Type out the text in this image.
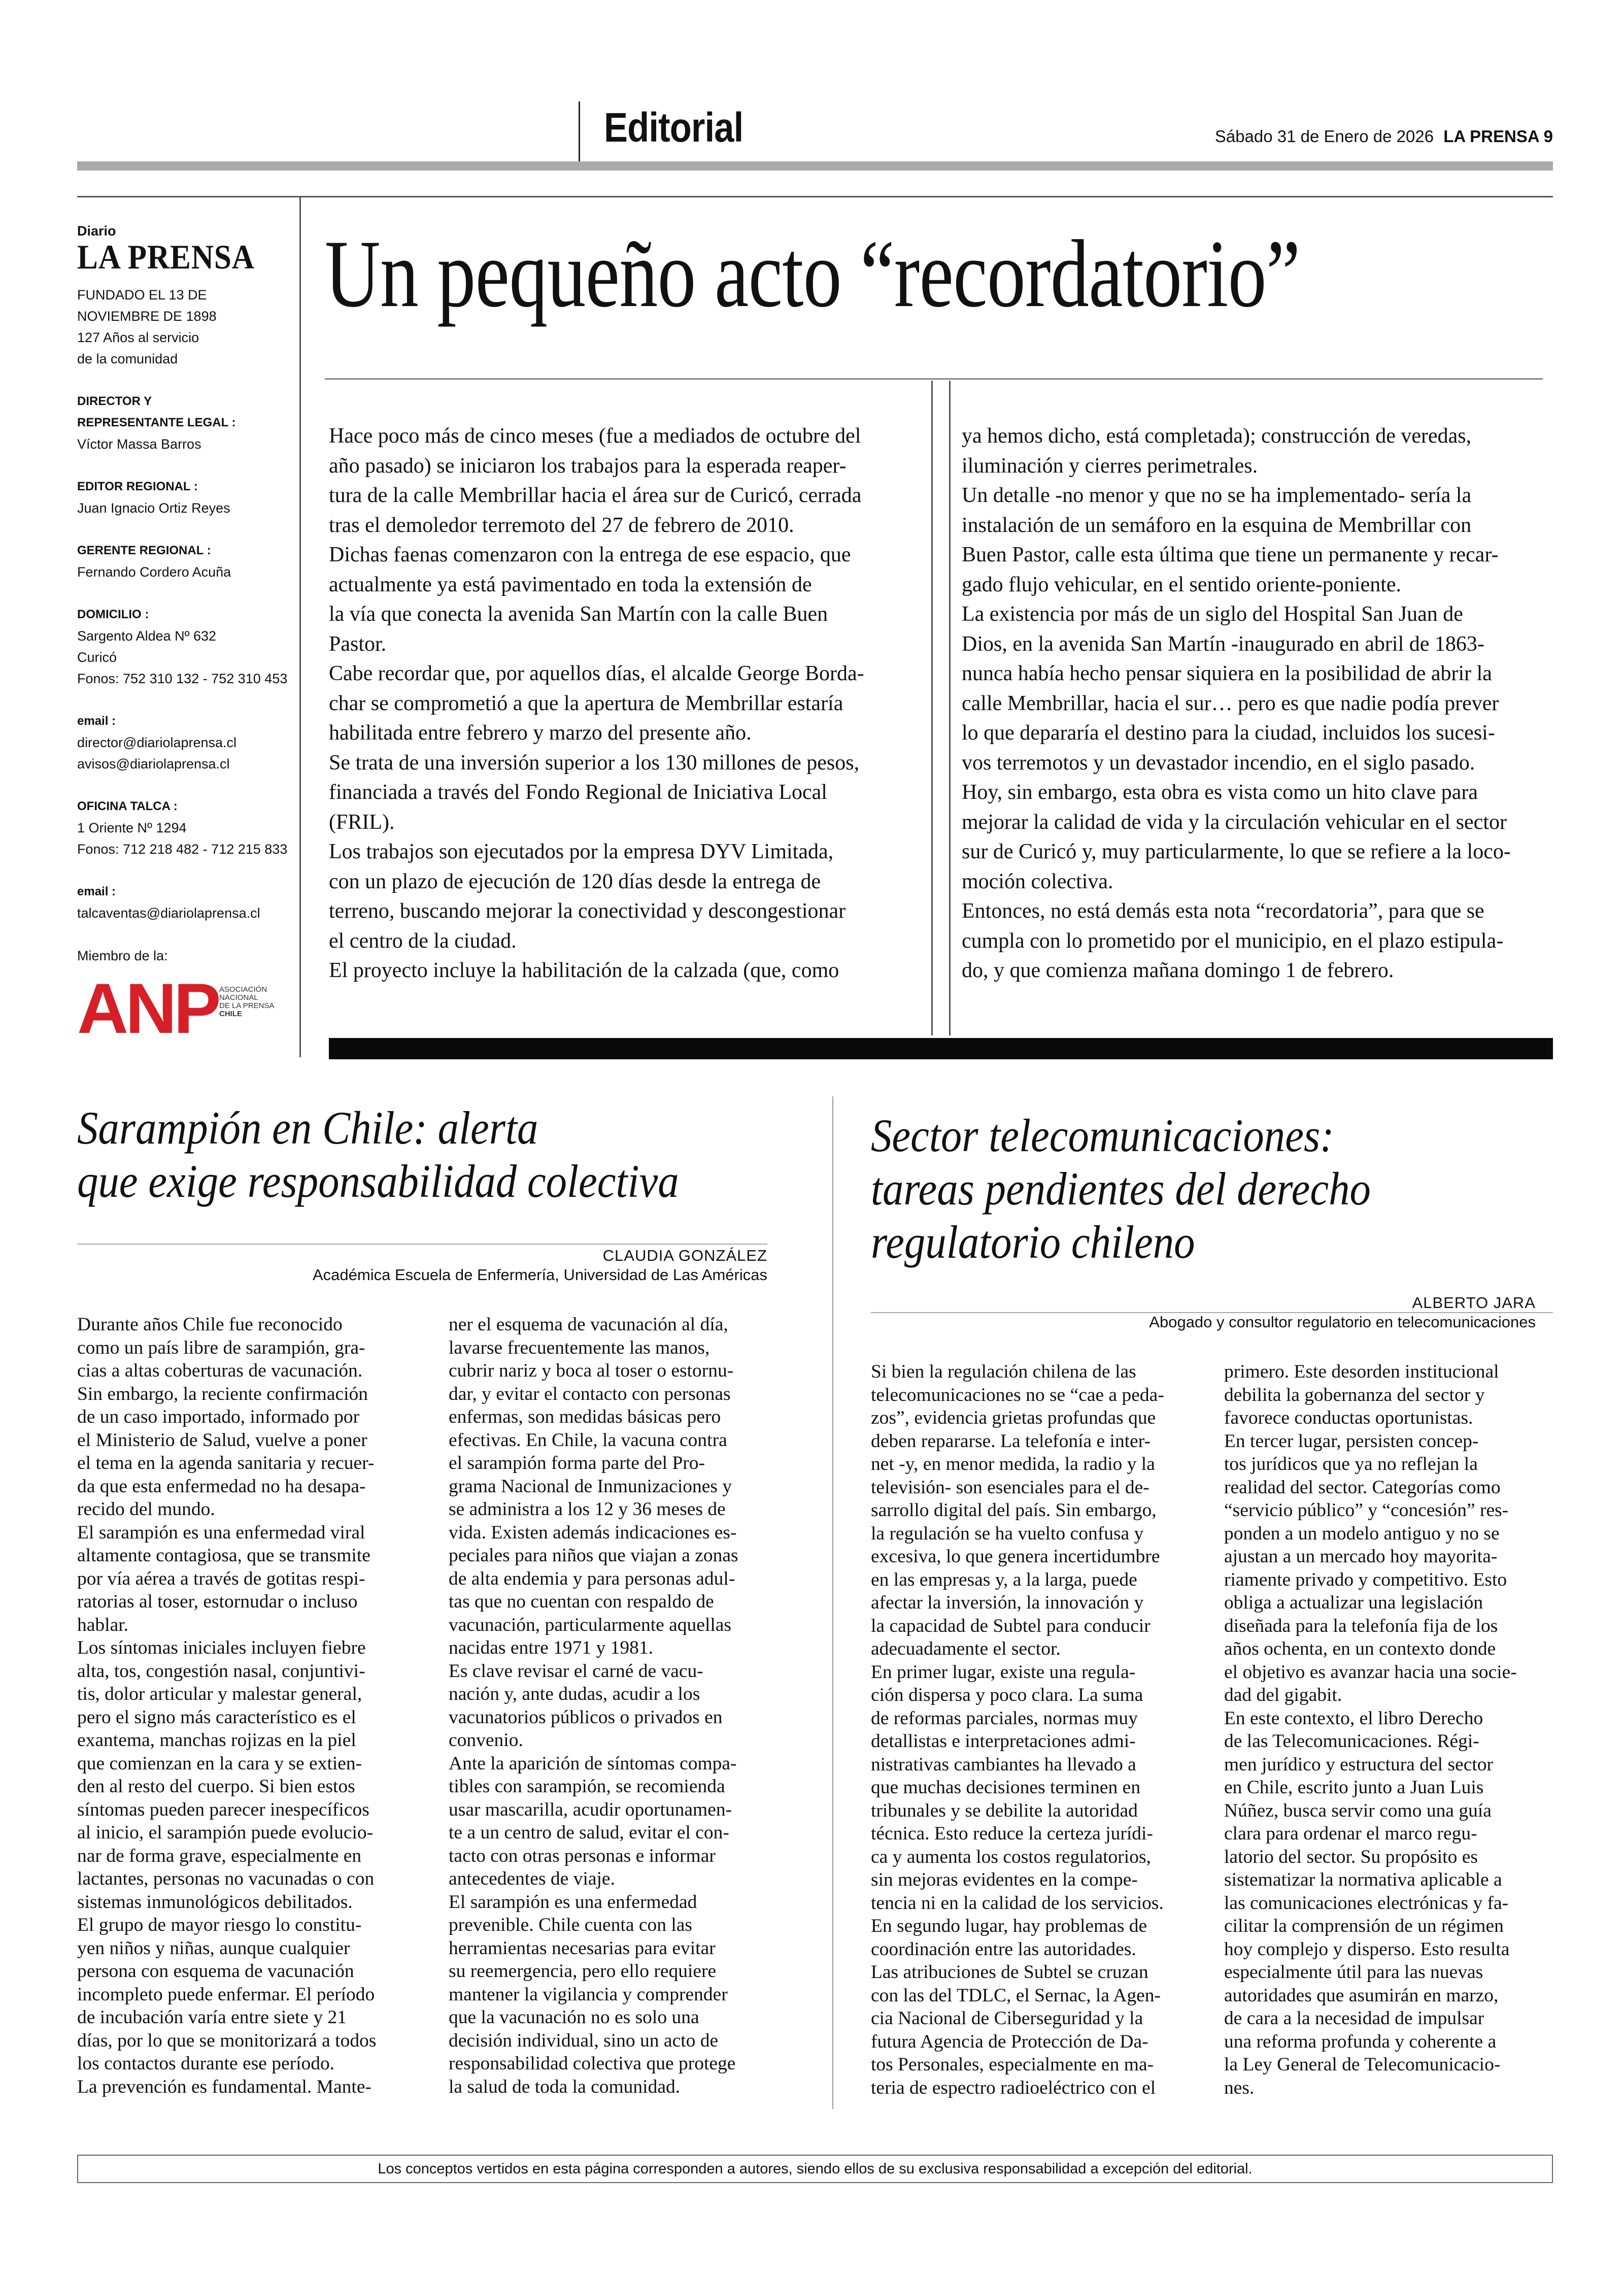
Editorial	Sábado 31 de Enero de 2026 LA PRENSA 9
Diario
LA PRENSA
FUNDADO EL 13 DE
NOVIEMBRE DE 1898
127 Años al servicio
de la comunidad
DIRECTOR Y
REPRESENTANTE LEGAL :
Víctor Massa Barros
EDITOR REGIONAL :
Juan Ignacio Ortiz Reyes
GERENTE REGIONAL :
Fernando Cordero Acuña
DOMICILIO :
Sargento Aldea Nº 632
Curicó
Fonos: 752 310 132 - 752 310 453
email :
director@diariolaprensa.cl
avisos@diariolaprensa.cl
OFICINA TALCA :
1 Oriente Nº 1294
Fonos: 712 218 482 - 712 215 833
email :
talcaventas@diariolaprensa.cl
Miembro de la:
ANP ASOCIACIÓN
NACIONAL
DE LA PRENSA
CHILE
Un pequeño acto “recordatorio”

Hace poco más de cinco meses (fue a mediados de octubre del

año pasado) se iniciaron los trabajos para la esperada reaper-

tura de la calle Membrillar hacia el área sur de Curicó, cerrada

tras el demoledor terremoto del 27 de febrero de 2010.

Dichas faenas comenzaron con la entrega de ese espacio, que

actualmente ya está pavimentado en toda la extensión de

la vía que conecta la avenida San Martín con la calle Buen

Pastor.

Cabe recordar que, por aquellos días, el alcalde George Borda-

char se comprometió a que la apertura de Membrillar estaría

habilitada entre febrero y marzo del presente año.

Se trata de una inversión superior a los 130 millones de pesos,

financiada a través del Fondo Regional de Iniciativa Local

(FRIL).

Los trabajos son ejecutados por la empresa DYV Limitada,

con un plazo de ejecución de 120 días desde la entrega de

terreno, buscando mejorar la conectividad y descongestionar

el centro de la ciudad.

El proyecto incluye la habilitación de la calzada (que, como

ya hemos dicho, está completada); construcción de veredas,

iluminación y cierres perimetrales.

Un detalle -no menor y que no se ha implementado- sería la

instalación de un semáforo en la esquina de Membrillar con

Buen Pastor, calle esta última que tiene un permanente y recar-

gado flujo vehicular, en el sentido oriente-poniente.

La existencia por más de un siglo del Hospital San Juan de

Dios, en la avenida San Martín -inaugurado en abril de 1863-

nunca había hecho pensar siquiera en la posibilidad de abrir la

calle Membrillar, hacia el sur… pero es que nadie podía prever

lo que depararía el destino para la ciudad, incluidos los sucesi-

vos terremotos y un devastador incendio, en el siglo pasado.

Hoy, sin embargo, esta obra es vista como un hito clave para

mejorar la calidad de vida y la circulación vehicular en el sector

sur de Curicó y, muy particularmente, lo que se refiere a la loco-

moción colectiva.

Entonces, no está demás esta nota “recordatoria”, para que se

cumpla con lo prometido por el municipio, en el plazo estipula-

do, y que comienza mañana domingo 1 de febrero.

Sarampión en Chile: alerta
que exige responsabilidad colectiva
CLAUDIA GONZÁLEZ
Académica Escuela de Enfermería, Universidad de Las Américas

Durante años Chile fue reconocido

como un país libre de sarampión, gra-

cias a altas coberturas de vacunación.

Sin embargo, la reciente confirmación

de un caso importado, informado por

el Ministerio de Salud, vuelve a poner

el tema en la agenda sanitaria y recuer-

da que esta enfermedad no ha desapa-

recido del mundo.

El sarampión es una enfermedad viral

altamente contagiosa, que se transmite

por vía aérea a través de gotitas respi-

ratorias al toser, estornudar o incluso

hablar.

Los síntomas iniciales incluyen fiebre

alta, tos, congestión nasal, conjuntivi-

tis, dolor articular y malestar general,

pero el signo más característico es el

exantema, manchas rojizas en la piel

que comienzan en la cara y se extien-

den al resto del cuerpo. Si bien estos

síntomas pueden parecer inespecíficos

al inicio, el sarampión puede evolucio-

nar de forma grave, especialmente en

lactantes, personas no vacunadas o con

sistemas inmunológicos debilitados.

El grupo de mayor riesgo lo constitu-

yen niños y niñas, aunque cualquier

persona con esquema de vacunación

incompleto puede enfermar. El período

de incubación varía entre siete y 21

días, por lo que se monitorizará a todos

los contactos durante ese período.

La prevención es fundamental. Mante-

ner el esquema de vacunación al día,

lavarse frecuentemente las manos,

cubrir nariz y boca al toser o estornu-

dar, y evitar el contacto con personas

enfermas, son medidas básicas pero

efectivas. En Chile, la vacuna contra

el sarampión forma parte del Pro-

grama Nacional de Inmunizaciones y

se administra a los 12 y 36 meses de

vida. Existen además indicaciones es-

peciales para niños que viajan a zonas

de alta endemia y para personas adul-

tas que no cuentan con respaldo de

vacunación, particularmente aquellas

nacidas entre 1971 y 1981.

Es clave revisar el carné de vacu-

nación y, ante dudas, acudir a los

vacunatorios públicos o privados en

convenio.

Ante la aparición de síntomas compa-

tibles con sarampión, se recomienda

usar mascarilla, acudir oportunamen-

te a un centro de salud, evitar el con-

tacto con otras personas e informar

antecedentes de viaje.

El sarampión es una enfermedad

prevenible. Chile cuenta con las

herramientas necesarias para evitar

su reemergencia, pero ello requiere

mantener la vigilancia y comprender

que la vacunación no es solo una

decisión individual, sino un acto de

responsabilidad colectiva que protege

la salud de toda la comunidad.

Sector telecomunicaciones:
tareas pendientes del derecho
regulatorio chileno
ALBERTO JARA
Abogado y consultor regulatorio en telecomunicaciones

Si bien la regulación chilena de las

telecomunicaciones no se “cae a peda-

zos”, evidencia grietas profundas que

deben repararse. La telefonía e inter-

net -y, en menor medida, la radio y la

televisión- son esenciales para el de-

sarrollo digital del país. Sin embargo,

la regulación se ha vuelto confusa y

excesiva, lo que genera incertidumbre

en las empresas y, a la larga, puede

afectar la inversión, la innovación y

la capacidad de Subtel para conducir

adecuadamente el sector.

En primer lugar, existe una regula-

ción dispersa y poco clara. La suma

de reformas parciales, normas muy

detallistas e interpretaciones admi-

nistrativas cambiantes ha llevado a

que muchas decisiones terminen en

tribunales y se debilite la autoridad

técnica. Esto reduce la certeza jurídi-

ca y aumenta los costos regulatorios,

sin mejoras evidentes en la compe-

tencia ni en la calidad de los servicios.

En segundo lugar, hay problemas de

coordinación entre las autoridades.

Las atribuciones de Subtel se cruzan

con las del TDLC, el Sernac, la Agen-

cia Nacional de Ciberseguridad y la

futura Agencia de Protección de Da-

tos Personales, especialmente en ma-

teria de espectro radioeléctrico con el

primero. Este desorden institucional

debilita la gobernanza del sector y

favorece conductas oportunistas.

En tercer lugar, persisten concep-

tos jurídicos que ya no reflejan la

realidad del sector. Categorías como

“servicio público” y “concesión” res-

ponden a un modelo antiguo y no se

ajustan a un mercado hoy mayorita-

riamente privado y competitivo. Esto

obliga a actualizar una legislación

diseñada para la telefonía fija de los

años ochenta, en un contexto donde

el objetivo es avanzar hacia una socie-

dad del gigabit.

En este contexto, el libro Derecho

de las Telecomunicaciones. Régi-

men jurídico y estructura del sector

en Chile, escrito junto a Juan Luis

Núñez, busca servir como una guía

clara para ordenar el marco regu-

latorio del sector. Su propósito es

sistematizar la normativa aplicable a

las comunicaciones electrónicas y fa-

cilitar la comprensión de un régimen

hoy complejo y disperso. Esto resulta

especialmente útil para las nuevas

autoridades que asumirán en marzo,

de cara a la necesidad de impulsar

una reforma profunda y coherente a

la Ley General de Telecomunicacio-

nes.

Los conceptos vertidos en esta página corresponden a autores, siendo ellos de su exclusiva responsabilidad a excepción del editorial.
